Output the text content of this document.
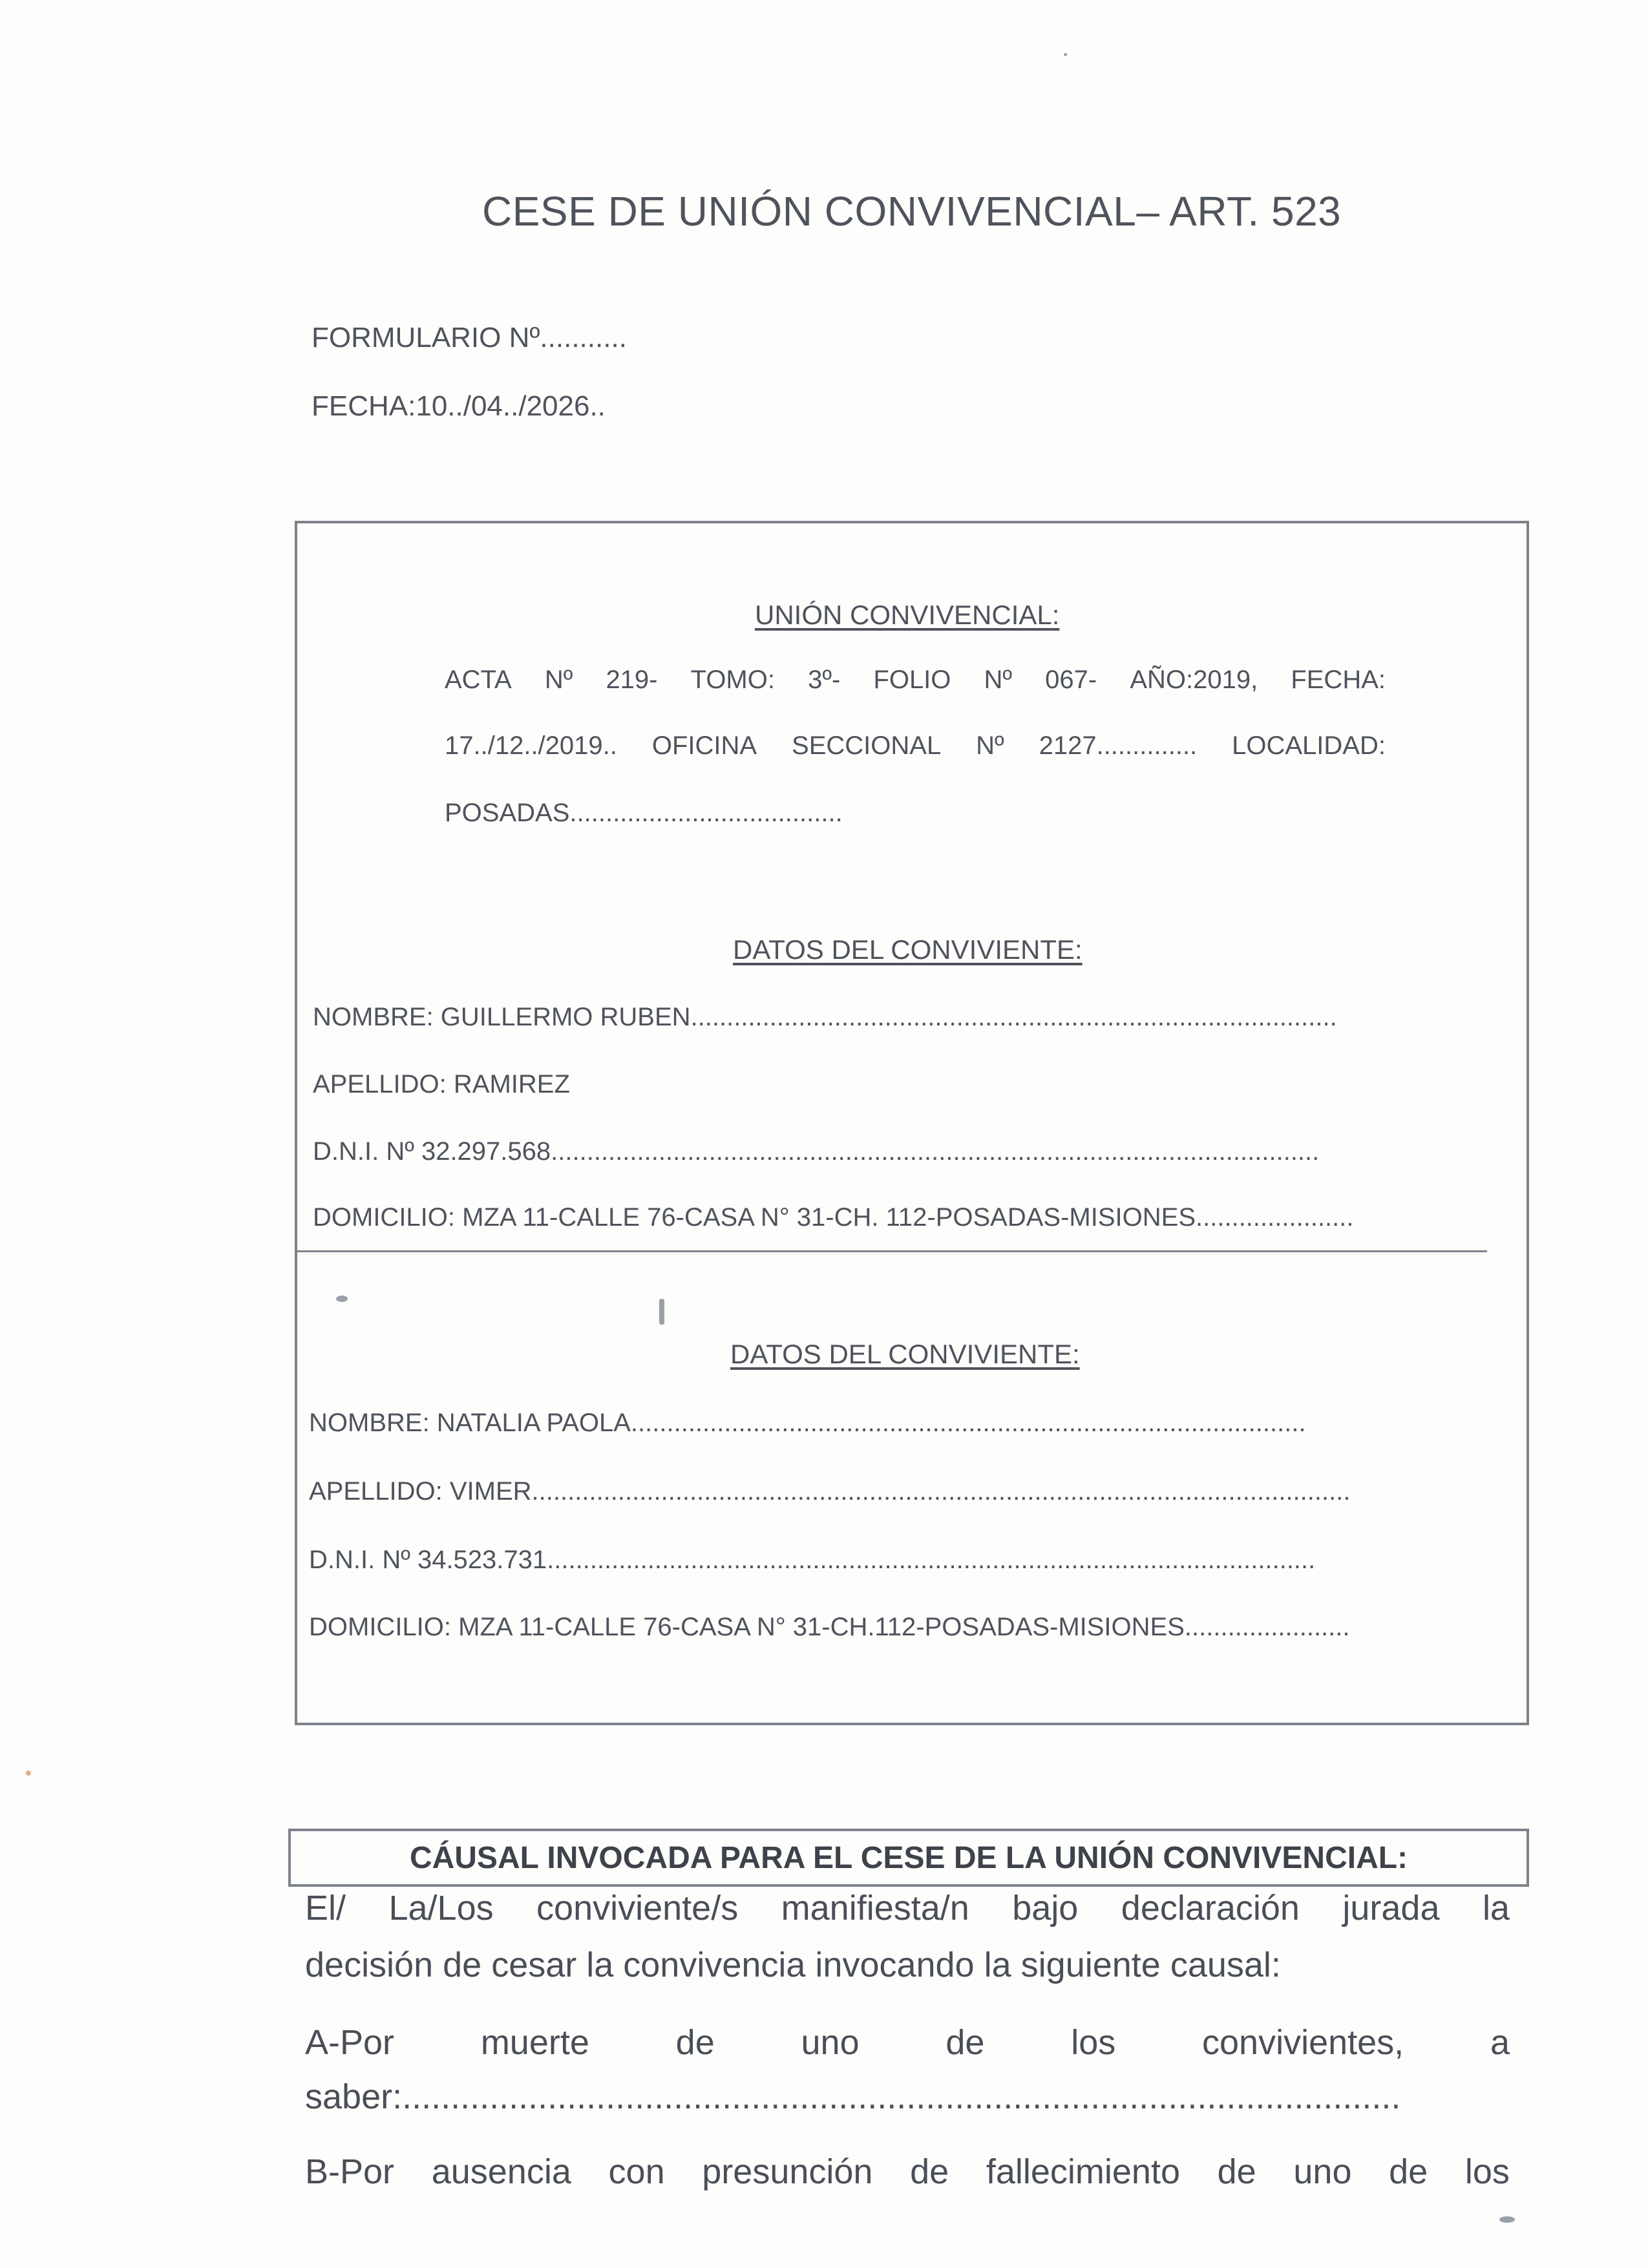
CESE DE UNIÓN CONVIVENCIAL– ART. 523
FORMULARIO Nº...........
FECHA:10../04../2026..
UNIÓN CONVIVENCIAL:
ACTA Nº 219- TOMO: 3º- FOLIO Nº 067- AÑO:2019, FECHA:
17../12../2019.. OFICINA SECCIONAL Nº 2127.............. LOCALIDAD:
POSADAS......................................
DATOS DEL CONVIVIENTE:
NOMBRE: GUILLERMO RUBEN..........................................................................................
APELLIDO: RAMIREZ
D.N.I. Nº 32.297.568...........................................................................................................
DOMICILIO: MZA 11-CALLE 76-CASA N° 31-CH. 112-POSADAS-MISIONES......................
DATOS DEL CONVIVIENTE:
NOMBRE: NATALIA PAOLA..............................................................................................
APELLIDO: VIMER..................................................................................................................
D.N.I. Nº 34.523.731...........................................................................................................
DOMICILIO: MZA 11-CALLE 76-CASA N° 31-CH.112-POSADAS-MISIONES.......................
CÁUSAL INVOCADA PARA EL CESE DE LA UNIÓN CONVIVENCIAL:
El/ La/Los conviviente/s manifiesta/n bajo declaración jurada la
decisión de cesar la convivencia invocando la siguiente causal:
A-Por muerte de uno de los convivientes, a
saber:.......................................................................................................
B-Por ausencia con presunción de fallecimiento de uno de los
